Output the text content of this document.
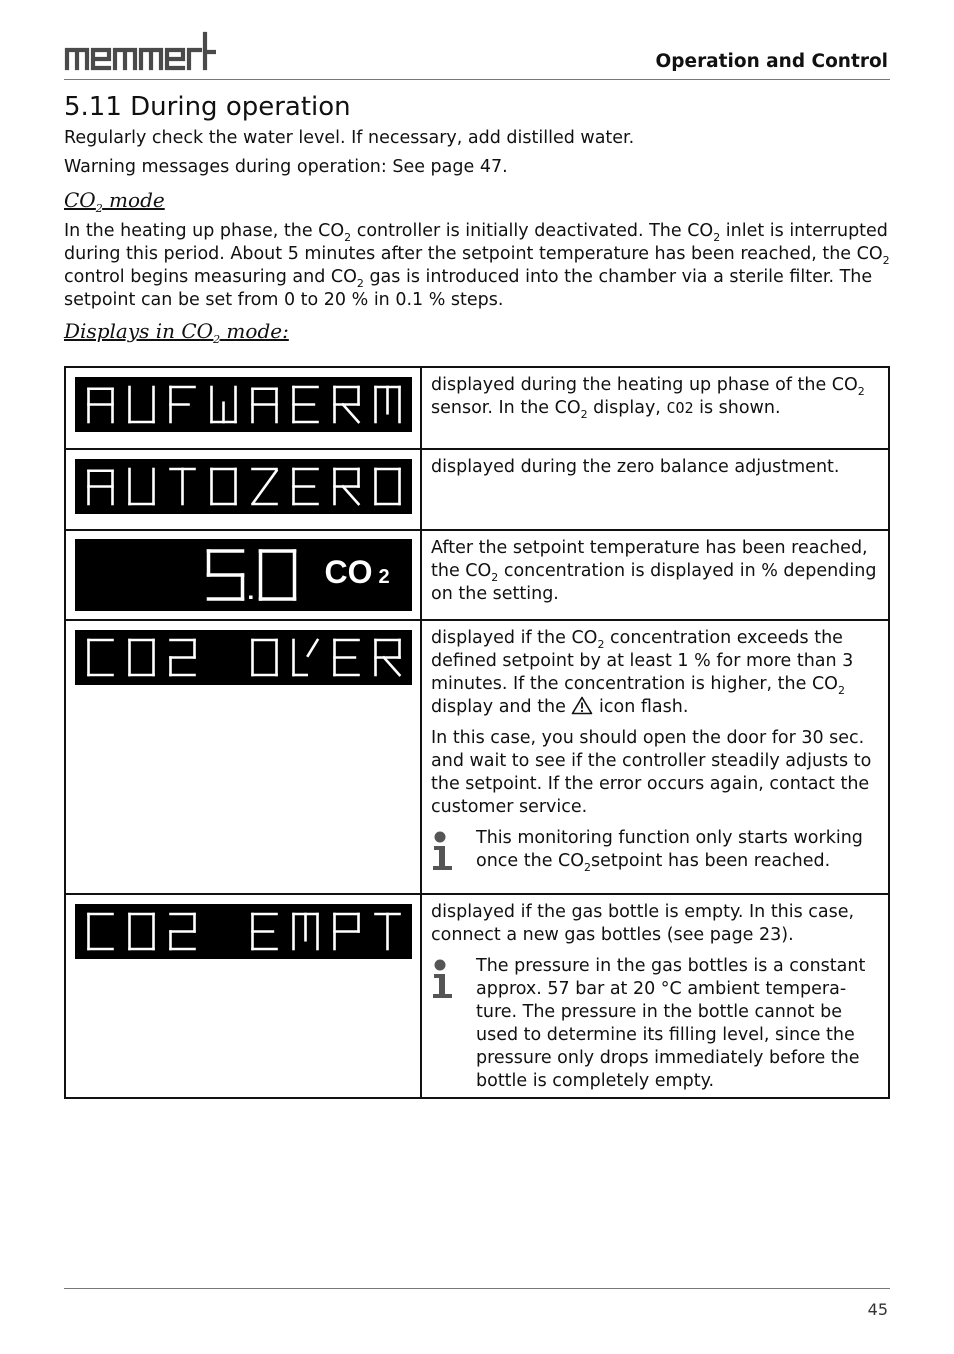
Operation and Control
5.11 During operation
Regularly check the water level. If necessary, add distilled water.
Warning messages during operation: See page 47.
$CO_2$ mode
In the heating up phase, the $CO_2$ controller is initially deactivated. The $CO_2$ inlet is interrupted during this period. About 5 minutes after the setpoint temperature has been reached, the $CO_2$ control begins measuring and $CO_2$ gas is introduced into the chamber via a sterile filter. The setpoint can be set from 0 to 20 % in 0.1 % steps.
Displays in $CO_2$ mode:

displayed during the heating up phase of the $CO_2$ sensor. In the $CO_2$ display, CO2 is shown.

displayed during the zero balance adjustment.

CO 2	After the setpoint temperature has been reached, the $CO_2$ concentration is displayed in % depending on the setting.

displayed if the $CO_2$ concentration exceeds the defined setpoint by at least 1 % for more than 3 minutes. If the concentration is higher, the $CO_2$ display and the  icon flash.
In this case, you should open the door for 30 sec. and wait to see if the controller steadily adjusts to the setpoint. If the error occurs again, contact the customer service.
This monitoring function only starts working once the $CO_2setpoint$ has been reached.

displayed if the gas bottle is empty. In this case, connect a new gas bottles (see page 23).
The pressure in the gas bottles is a constant approx. 57 bar at 20 °C ambient tempera-ture. The pressure in the bottle cannot be used to determine its filling level, since the pressure only drops immediately before the bottle is completely empty.
45
